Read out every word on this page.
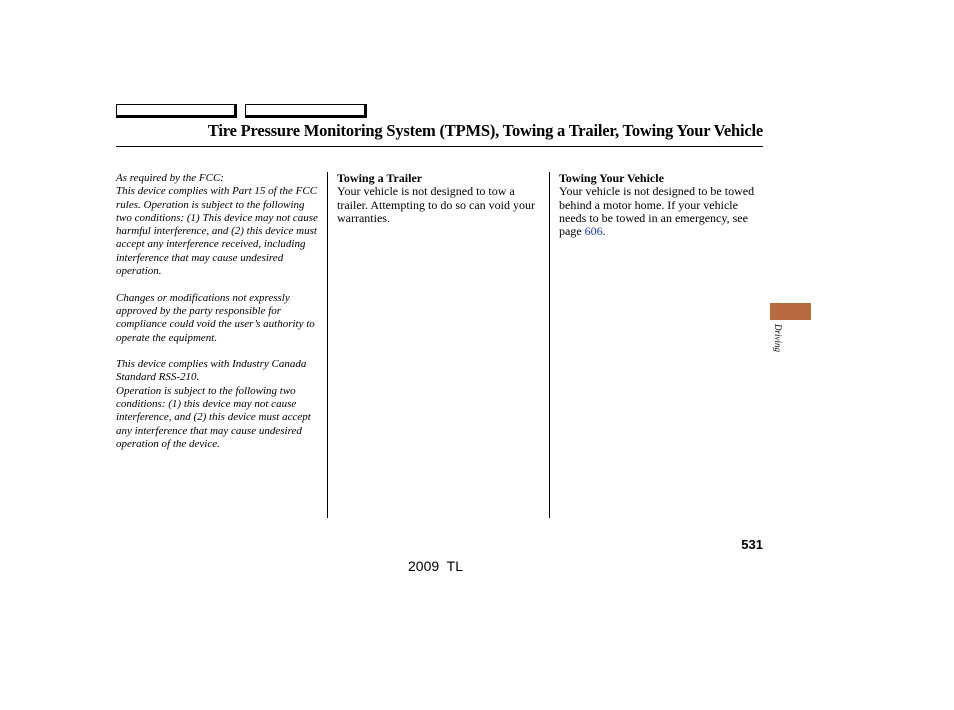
Tire Pressure Monitoring System (TPMS), Towing a Trailer, Towing Your Vehicle
As required by the FCC:
This device complies with Part 15 of the FCC rules. Operation is subject to the following two conditions: (1) This device may not cause harmful interference, and (2) this device must accept any interference received, including interference that may cause undesired operation.
Changes or modifications not expressly approved by the party responsible for compliance could void the user’s authority to operate the equipment.
This device complies with Industry Canada Standard RSS-210.
Operation is subject to the following two conditions: (1) this device may not cause interference, and (2) this device must accept any interference that may cause undesired operation of the device.
Towing a Trailer
Your vehicle is not designed to tow a trailer. Attempting to do so can void your warranties.
Towing Your Vehicle
Your vehicle is not designed to be towed behind a motor home. If your vehicle needs to be towed in an emergency, see page 606.
Driving
531
2009  TL
